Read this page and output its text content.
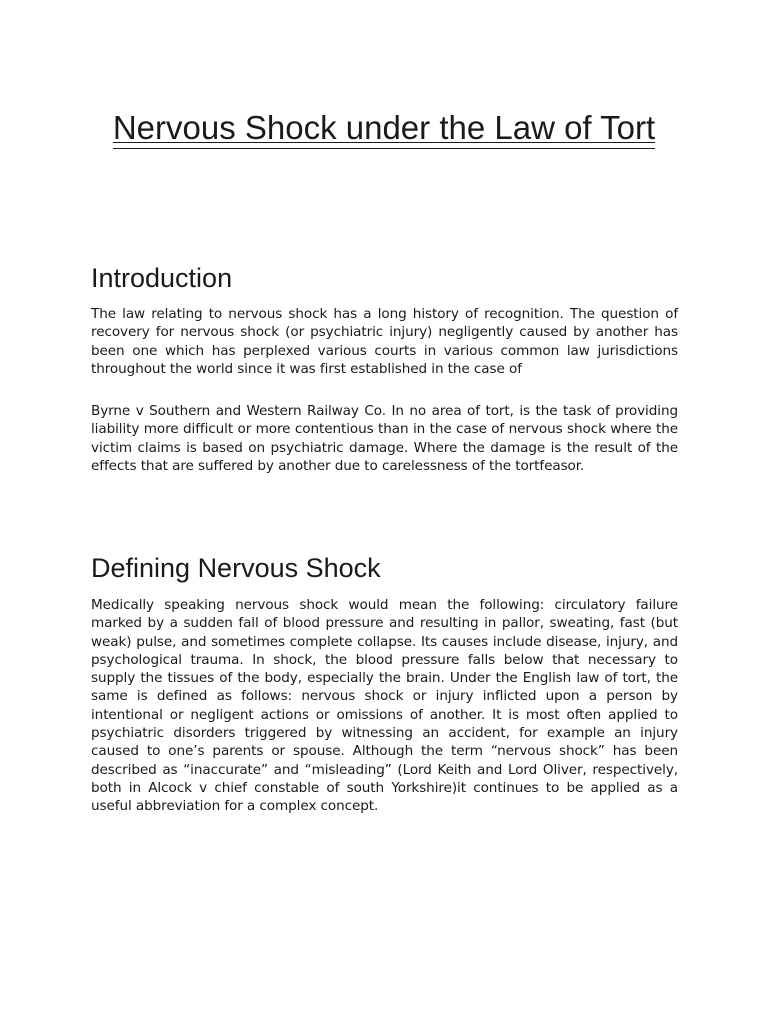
Nervous Shock under the Law of Tort
Introduction

The law relating to nervous shock has a long history of recognition. The question of recovery for nervous shock (or psychiatric injury) negligently caused by another has been one which has perplexed various courts in various common law jurisdictions throughout the world since it was first established in the case of

Byrne v Southern and Western Railway Co. In no area of tort, is the task of providing liability more difficult or more contentious than in the case of nervous shock where the victim claims is based on psychiatric damage. Where the damage is the result of the effects that are suffered by another due to carelessness of the tortfeasor.

Defining Nervous Shock

Medically speaking nervous shock would mean the following: circulatory failure marked by a sudden fall of blood pressure and resulting in pallor, sweating, fast (but weak) pulse, and sometimes complete collapse. Its causes include disease, injury, and psychological trauma. In shock, the blood pressure falls below that necessary to supply the tissues of the body, especially the brain. Under the English law of tort, the same is defined as follows: nervous shock or injury inflicted upon a person by intentional or negligent actions or omissions of another. It is most often applied to psychiatric disorders triggered by witnessing an accident, for example an injury caused to one’s parents or spouse. Although the term “nervous shock” has been described as “inaccurate” and “misleading” (Lord Keith and Lord Oliver, respectively, both in Alcock v chief constable of south Yorkshire)it continues to be applied as a useful abbreviation for a complex concept.
